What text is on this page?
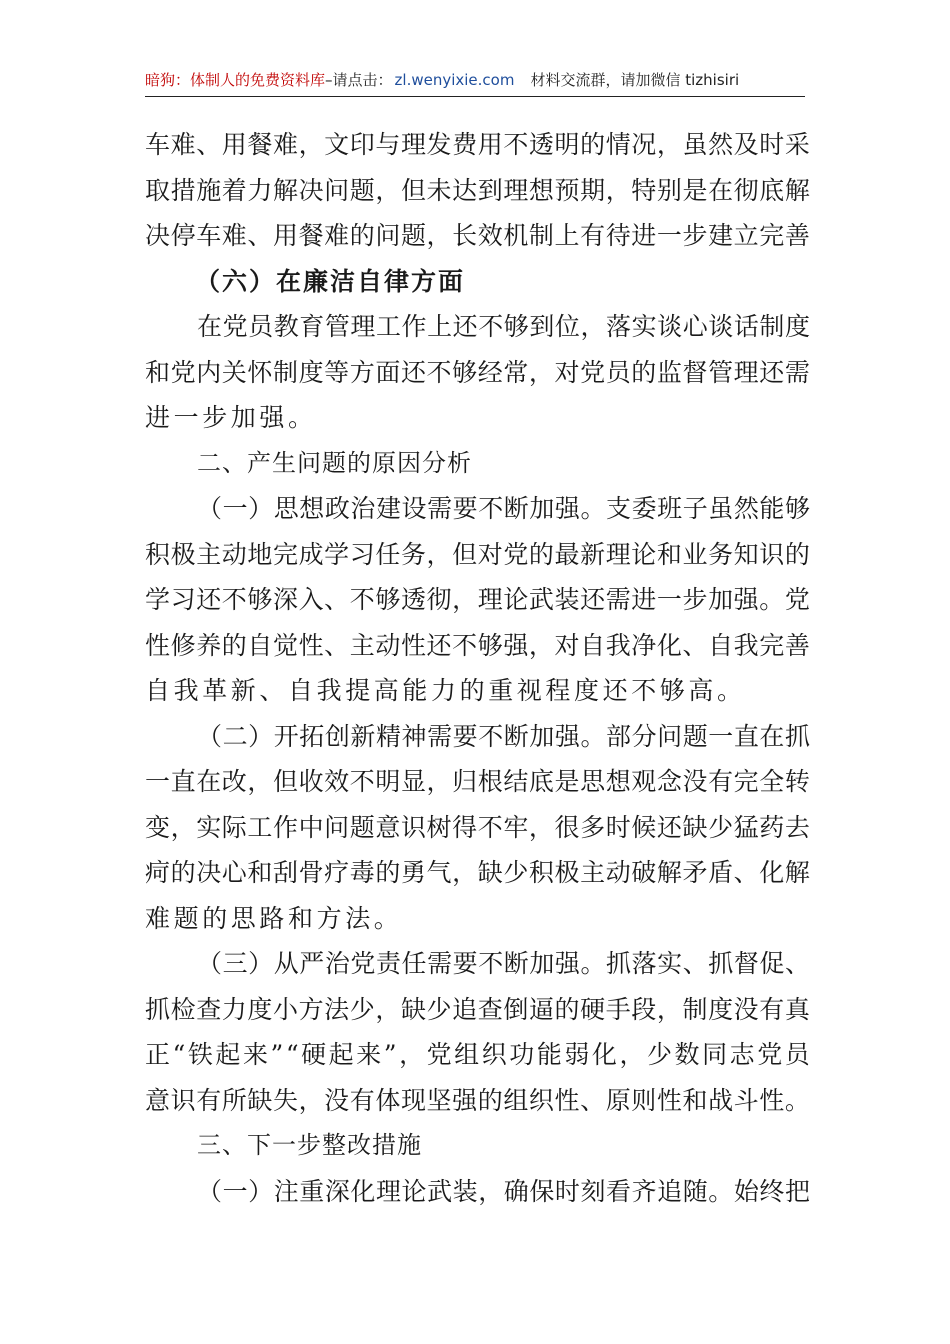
暗狗：体制人的免费资料库–请点击： zl.wenyixie.com 材料交流群，请加微信 tizhisiri
车 难 、 用 餐 难 ， 文 印 与 理 发 费 用 不 透 明 的 情 况 ， 虽 然 及 时 采
取 措 施 着 力 解 决 问 题 ， 但 未 达 到 理 想 预 期 ， 特 别 是 在 彻 底 解
决 停 车 难 、 用 餐 难 的 问 题 ， 长 效 机 制 上 有 待 进 一 步 建 立 完 善
（六）在廉洁自律方面
在 党 员 教 育 管 理 工 作 上 还 不 够 到 位 ， 落 实 谈 心 谈 话 制 度
和 党 内 关 怀 制 度 等 方 面 还 不 够 经 常 ， 对 党 员 的 监 督 管 理 还 需
进一步加强。
二、产生问题的原因分析
（ 一 ） 思 想 政 治 建 设 需 要 不 断 加 强 。 支 委 班 子 虽 然 能 够
积 极 主 动 地 完 成 学 习 任 务 ， 但 对 党 的 最 新 理 论 和 业 务 知 识 的
学 习 还 不 够 深 入 、 不 够 透 彻 ， 理 论 武 装 还 需 进 一 步 加 强 。 党
性 修 养 的 自 觉 性 、 主 动 性 还 不 够 强 ， 对 自 我 净 化 、 自 我 完 善
自我革新、自我提高能力的重视程度还不够高。
（ 二 ） 开 拓 创 新 精 神 需 要 不 断 加 强 。 部 分 问 题 一 直 在 抓
一 直 在 改 ， 但 收 效 不 明 显 ， 归 根 结 底 是 思 想 观 念 没 有 完 全 转
变 ， 实 际 工 作 中 问 题 意 识 树 得 不 牢 ， 很 多 时 候 还 缺 少 猛 药 去
疴 的 决 心 和 刮 骨 疗 毒 的 勇 气 ， 缺 少 积 极 主 动 破 解 矛 盾 、 化 解
难题的思路和方法。
（ 三 ） 从 严 治 党 责 任 需 要 不 断 加 强 。 抓 落 实 、 抓 督 促 、
抓 检 查 力 度 小 方 法 少 ， 缺 少 追 查 倒 逼 的 硬 手 段 ， 制 度 没 有 真
正 “ 铁 起 来 ” “ 硬 起 来 ” ， 党 组 织 功 能 弱 化 ， 少 数 同 志 党 员
意 识 有 所 缺 失 ， 没 有 体 现 坚 强 的 组 织 性 、 原 则 性 和 战 斗 性 。
三、下一步整改措施
（ 一 ） 注 重 深 化 理 论 武 装 ， 确 保 时 刻 看 齐 追 随 。 始 终 把
